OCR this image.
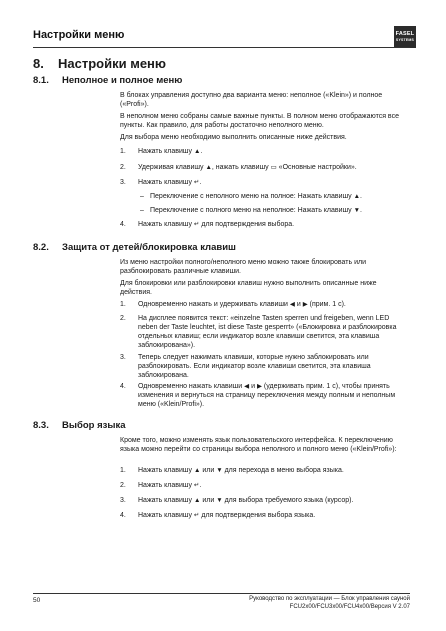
Настройки меню	FASEL
SYSTEMS
8. Настройки меню
8.1. Неполное и полное меню

В блоках управления доступно два варианта меню: неполное («Klein») и полное («Profi»).

В неполном меню собраны самые важные пункты. В полном меню отображаются все пункты. Как правило, для работы достаточно неполного меню.

Для выбора меню необходимо выполнить описанные ниже действия.

1.	Нажать клавишу ▲.
2.	Удерживая клавишу ▲, нажать клавишу ▭ «Основные настройки».
3.	Нажать клавишу ↵.
– Переключение с неполного меню на полное: Нажать клавишу ▲.
– Переключение с полного меню на неполное: Нажать клавишу ▼.
4.	Нажать клавишу ↵ для подтверждения выбора.
8.2. Защита от детей/блокировка клавиш

Из меню настройки полного/неполного меню можно также блокировать или разблокировать различные клавиши.

Для блокировки или разблокировки клавиш нужно выполнить описанные ниже действия.

1.	Одновременно нажать и удерживать клавиши ◀ и ▶ (прим. 1 с).
2.	На дисплее появится текст: «einzelne Tasten sperren und freigeben, wenn LED neben der Taste leuchtet, ist diese Taste gesperrt» («Блокировка и разблокировка отдельных клавиш; если индикатор возле клавиши светится, эта клавиша заблокирована»).
3.	Теперь следует нажимать клавиши, которые нужно заблокировать или разблокировать. Если индикатор возле клавиши светится, эта клавиша заблокирована.
4.	Одновременно нажать клавиши ◀ и ▶ (удерживать прим. 1 с), чтобы принять изменения и вернуться на страницу переключения между полным и неполным меню («Klein/Profi»).
8.3. Выбор языка

Кроме того, можно изменять язык пользовательского интерфейса. К переключению языка можно перейти со страницы выбора неполного и полного меню («Klein/Profi»):

1.	Нажать клавишу ▲ или ▼ для перехода в меню выбора языка.
2.	Нажать клавишу ↵.
3.	Нажать клавишу ▲ или ▼ для выбора требуемого языка (курсор).
4.	Нажать клавишу ↵ для подтверждения выбора языка.
50	Руководство по эксплуатации — Блок управления сауной
FCU2x00/FCU3x00/FCU4x00/Версия V 2.07
